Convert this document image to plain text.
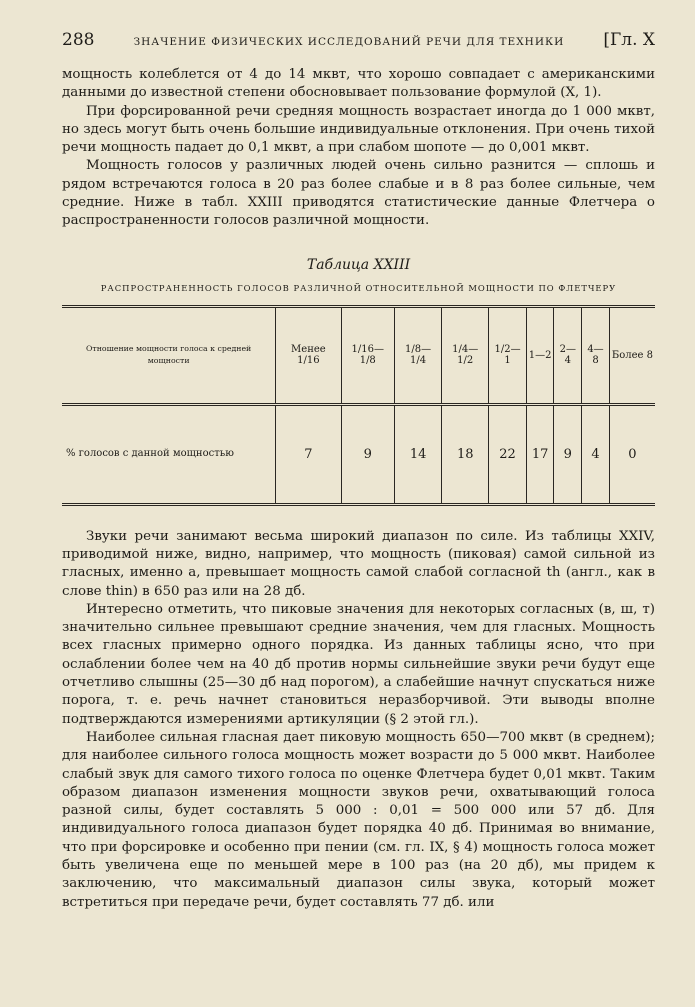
288	ЗНАЧЕНИЕ ФИЗИЧЕСКИХ ИССЛЕДОВАНИЙ РЕЧИ ДЛЯ ТЕХНИКИ [Гл. X

мощность колеблется от 4 до 14 мквт, что хорошо совпадает с американскими данными до известной степени обосновывает пользование формулой (X, 1).

При форсированной речи средняя мощность возрастает иногда до 1 000 мквт, но здесь могут быть очень большие индивидуальные отклонения. При очень тихой речи мощность падает до 0,1 мквт, а при слабом шопоте — до 0,001 мквт.

Мощность голосов у различных людей очень сильно разнится — сплошь и рядом встречаются голоса в 20 раз более слабые и в 8 раз более сильные, чем средние. Ниже в табл. XXIII приводятся статистические данные Флетчера о распространенности голосов различной мощности.

Таблица XXIII
РАСПРОСТРАНЕННОСТЬ ГОЛОСОВ РАЗЛИЧНОЙ ОТНОСИТЕЛЬНОЙ МОЩНОСТИ ПО ФЛЕТЧЕРУ
Отношение мощности голоса к средней мощности	Менее 1/16	1/16—1/8	1/8—1/4	1/4—1/2	1/2—1	1—2	2—4	4—8	Более 8
% голосов с данной мощностью	7	9	14	18	22	17	9	4	0

Звуки речи занимают весьма широкий диапазон по силе. Из таблицы XXIV, приводимой ниже, видно, например, что мощность (пиковая) самой сильной из гласных, именно а, превышает мощность самой слабой согласной th (англ., как в слове thin) в 650 раз или на 28 дб.

Интересно отметить, что пиковые значения для некоторых согласных (в, ш, т) значительно сильнее превышают средние значения, чем для гласных. Мощность всех гласных примерно одного порядка. Из данных таблицы ясно, что при ослаблении более чем на 40 дб против нормы сильнейшие звуки речи будут еще отчетливо слышны (25—30 дб над порогом), а слабейшие начнут спускаться ниже порога, т. е. речь начнет становиться неразборчивой. Эти выводы вполне подтверждаются измерениями артикуляции (§ 2 этой гл.).

Наиболее сильная гласная дает пиковую мощность 650—700 мквт (в среднем); для наиболее сильного голоса мощность может возрасти до 5 000 мквт. Наиболее слабый звук для самого тихого голоса по оценке Флетчера будет 0,01 мквт. Таким образом диапазон изменения мощности звуков речи, охватывающий голоса разной силы, будет составлять 5 000 : 0,01 = 500 000 или 57 дб. Для индивидуального голоса диапазон будет порядка 40 дб. Принимая во внимание, что при форсировке и особенно при пении (см. гл. IX, § 4) мощность голоса может быть увеличена еще по меньшей мере в 100 раз (на 20 дб), мы придем к заключению, что максимальный диапазон силы звука, который может встретиться при передаче речи, будет составлять 77 дб. или
